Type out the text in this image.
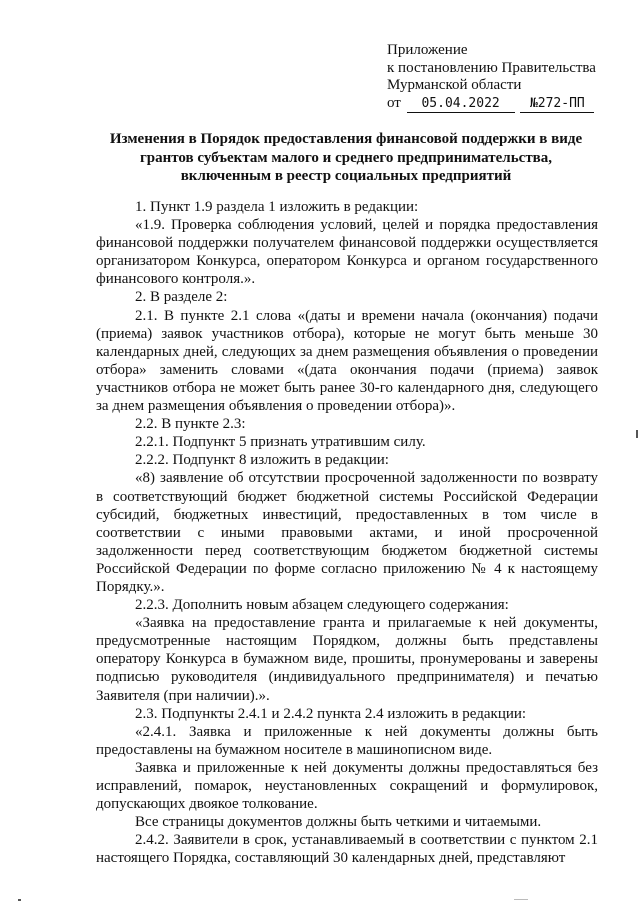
Приложение
к постановлению Правительства
Мурманской области
от 05.04.2022 №272-ПП
Изменения в Порядок предоставления финансовой поддержки в виде грантов субъектам малого и среднего предпринимательства, включенным в реестр социальных предприятий

1. Пункт 1.9 раздела 1 изложить в редакции:

«1.9. Проверка соблюдения условий, целей и порядка предоставления финансовой поддержки получателем финансовой поддержки осуществляется организатором Конкурса, оператором Конкурса и органом государственного финансового контроля.».

2. В разделе 2:

2.1. В пункте 2.1 слова «(даты и времени начала (окончания) подачи (приема) заявок участников отбора), которые не могут быть меньше 30 календарных дней, следующих за днем размещения объявления о проведении отбора» заменить словами «(дата окончания подачи (приема) заявок участников отбора не может быть ранее 30-го календарного дня, следующего за днем размещения объявления о проведении отбора)».

2.2. В пункте 2.3:

2.2.1. Подпункт 5 признать утратившим силу.

2.2.2. Подпункт 8 изложить в редакции:

«8) заявление об отсутствии просроченной задолженности по возврату в соответствующий бюджет бюджетной системы Российской Федерации субсидий, бюджетных инвестиций, предоставленных в том числе в соответствии с иными правовыми актами, и иной просроченной задолженности перед соответствующим бюджетом бюджетной системы Российской Федерации по форме согласно приложению № 4 к настоящему Порядку.».

2.2.3. Дополнить новым абзацем следующего содержания:

«Заявка на предоставление гранта и прилагаемые к ней документы, предусмотренные настоящим Порядком, должны быть представлены оператору Конкурса в бумажном виде, прошиты, пронумерованы и заверены подписью руководителя (индивидуального предпринимателя) и печатью Заявителя (при наличии).».

2.3. Подпункты 2.4.1 и 2.4.2 пункта 2.4 изложить в редакции:

«2.4.1. Заявка и приложенные к ней документы должны быть предоставлены на бумажном носителе в машинописном виде.

Заявка и приложенные к ней документы должны предоставляться без исправлений, помарок, неустановленных сокращений и формулировок, допускающих двоякое толкование.

Все страницы документов должны быть четкими и читаемыми.

2.4.2. Заявители в срок, устанавливаемый в соответствии с пунктом 2.1 настоящего Порядка, составляющий 30 календарных дней, представляют
